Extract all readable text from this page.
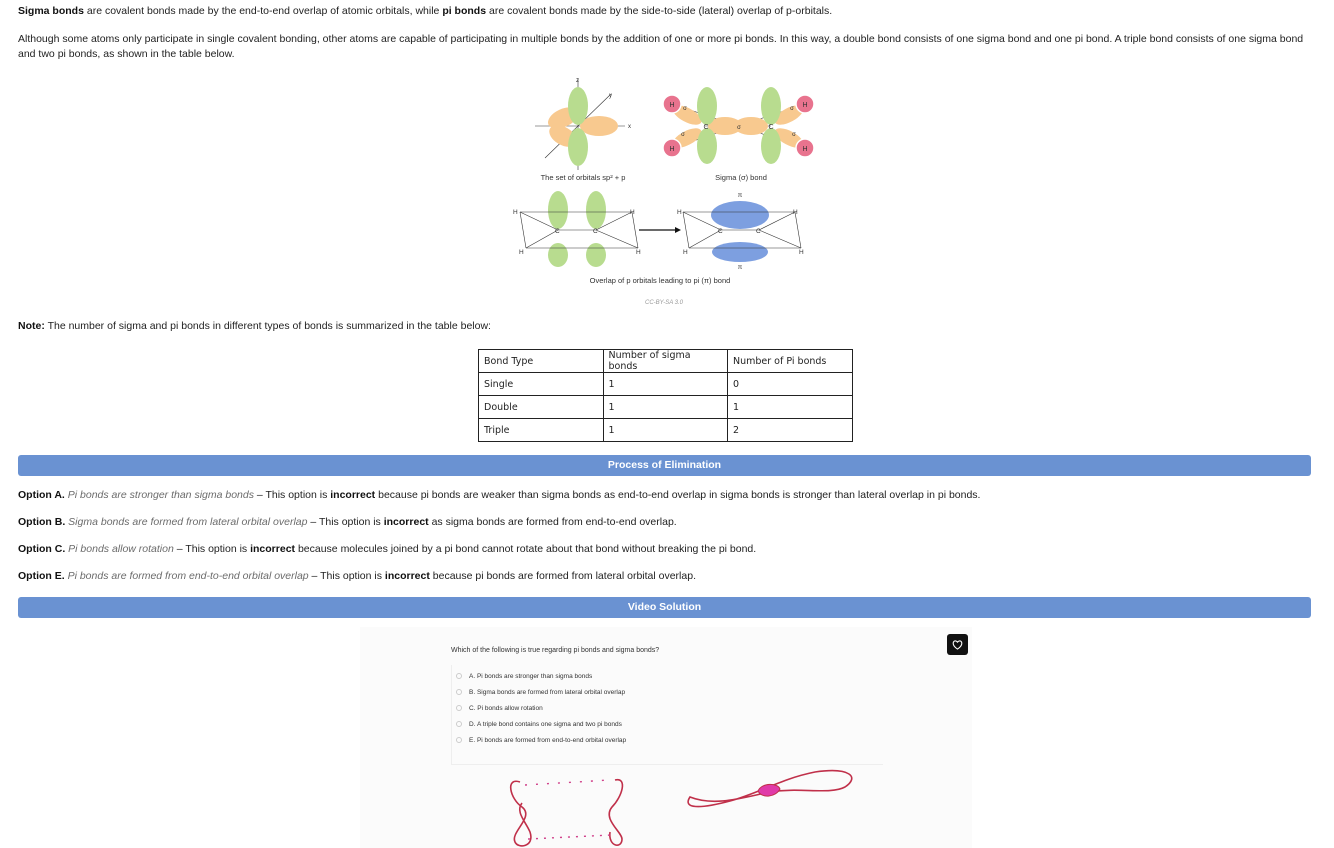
Sigma bonds are covalent bonds made by the end-to-end overlap of atomic orbitals, while pi bonds are covalent bonds made by the side-to-side (lateral) overlap of p-orbitals.

Although some atoms only participate in single covalent bonding, other atoms are capable of participating in multiple bonds by the addition of one or more pi bonds. In this way, a double bond consists of one sigma bond and one pi bond. A triple bond consists of one sigma bond and two pi bonds, as shown in the table below.

x
y
z
The set of orbitals sp² + p
H
H
H
H
C	C
σ
σ
σ
σ
σ
Sigma (σ) bond
H
H
H
H
C	C
H
H
H
H
C	C
π
π
Overlap of p orbitals leading to pi (π) bond
CC-BY-SA 3.0

Note: The number of sigma and pi bonds in different types of bonds is summarized in the table below:

Bond Type	Number of sigma bonds	Number of Pi bonds
Single	1	0
Double	1	1
Triple	1	2
Process of Elimination

Option A. Pi bonds are stronger than sigma bonds – This option is incorrect because pi bonds are weaker than sigma bonds as end-to-end overlap in sigma bonds is stronger than lateral overlap in pi bonds.

Option B. Sigma bonds are formed from lateral orbital overlap – This option is incorrect as sigma bonds are formed from end-to-end overlap.

Option C. Pi bonds allow rotation – This option is incorrect because molecules joined by a pi bond cannot rotate about that bond without breaking the pi bond.

Option E. Pi bonds are formed from end-to-end orbital overlap – This option is incorrect because pi bonds are formed from lateral orbital overlap.

Video Solution
Which of the following is true regarding pi bonds and sigma bonds?
A. Pi bonds are stronger than sigma bonds
B. Sigma bonds are formed from lateral orbital overlap
C. Pi bonds allow rotation
D. A triple bond contains one sigma and two pi bonds
E. Pi bonds are formed from end-to-end orbital overlap
